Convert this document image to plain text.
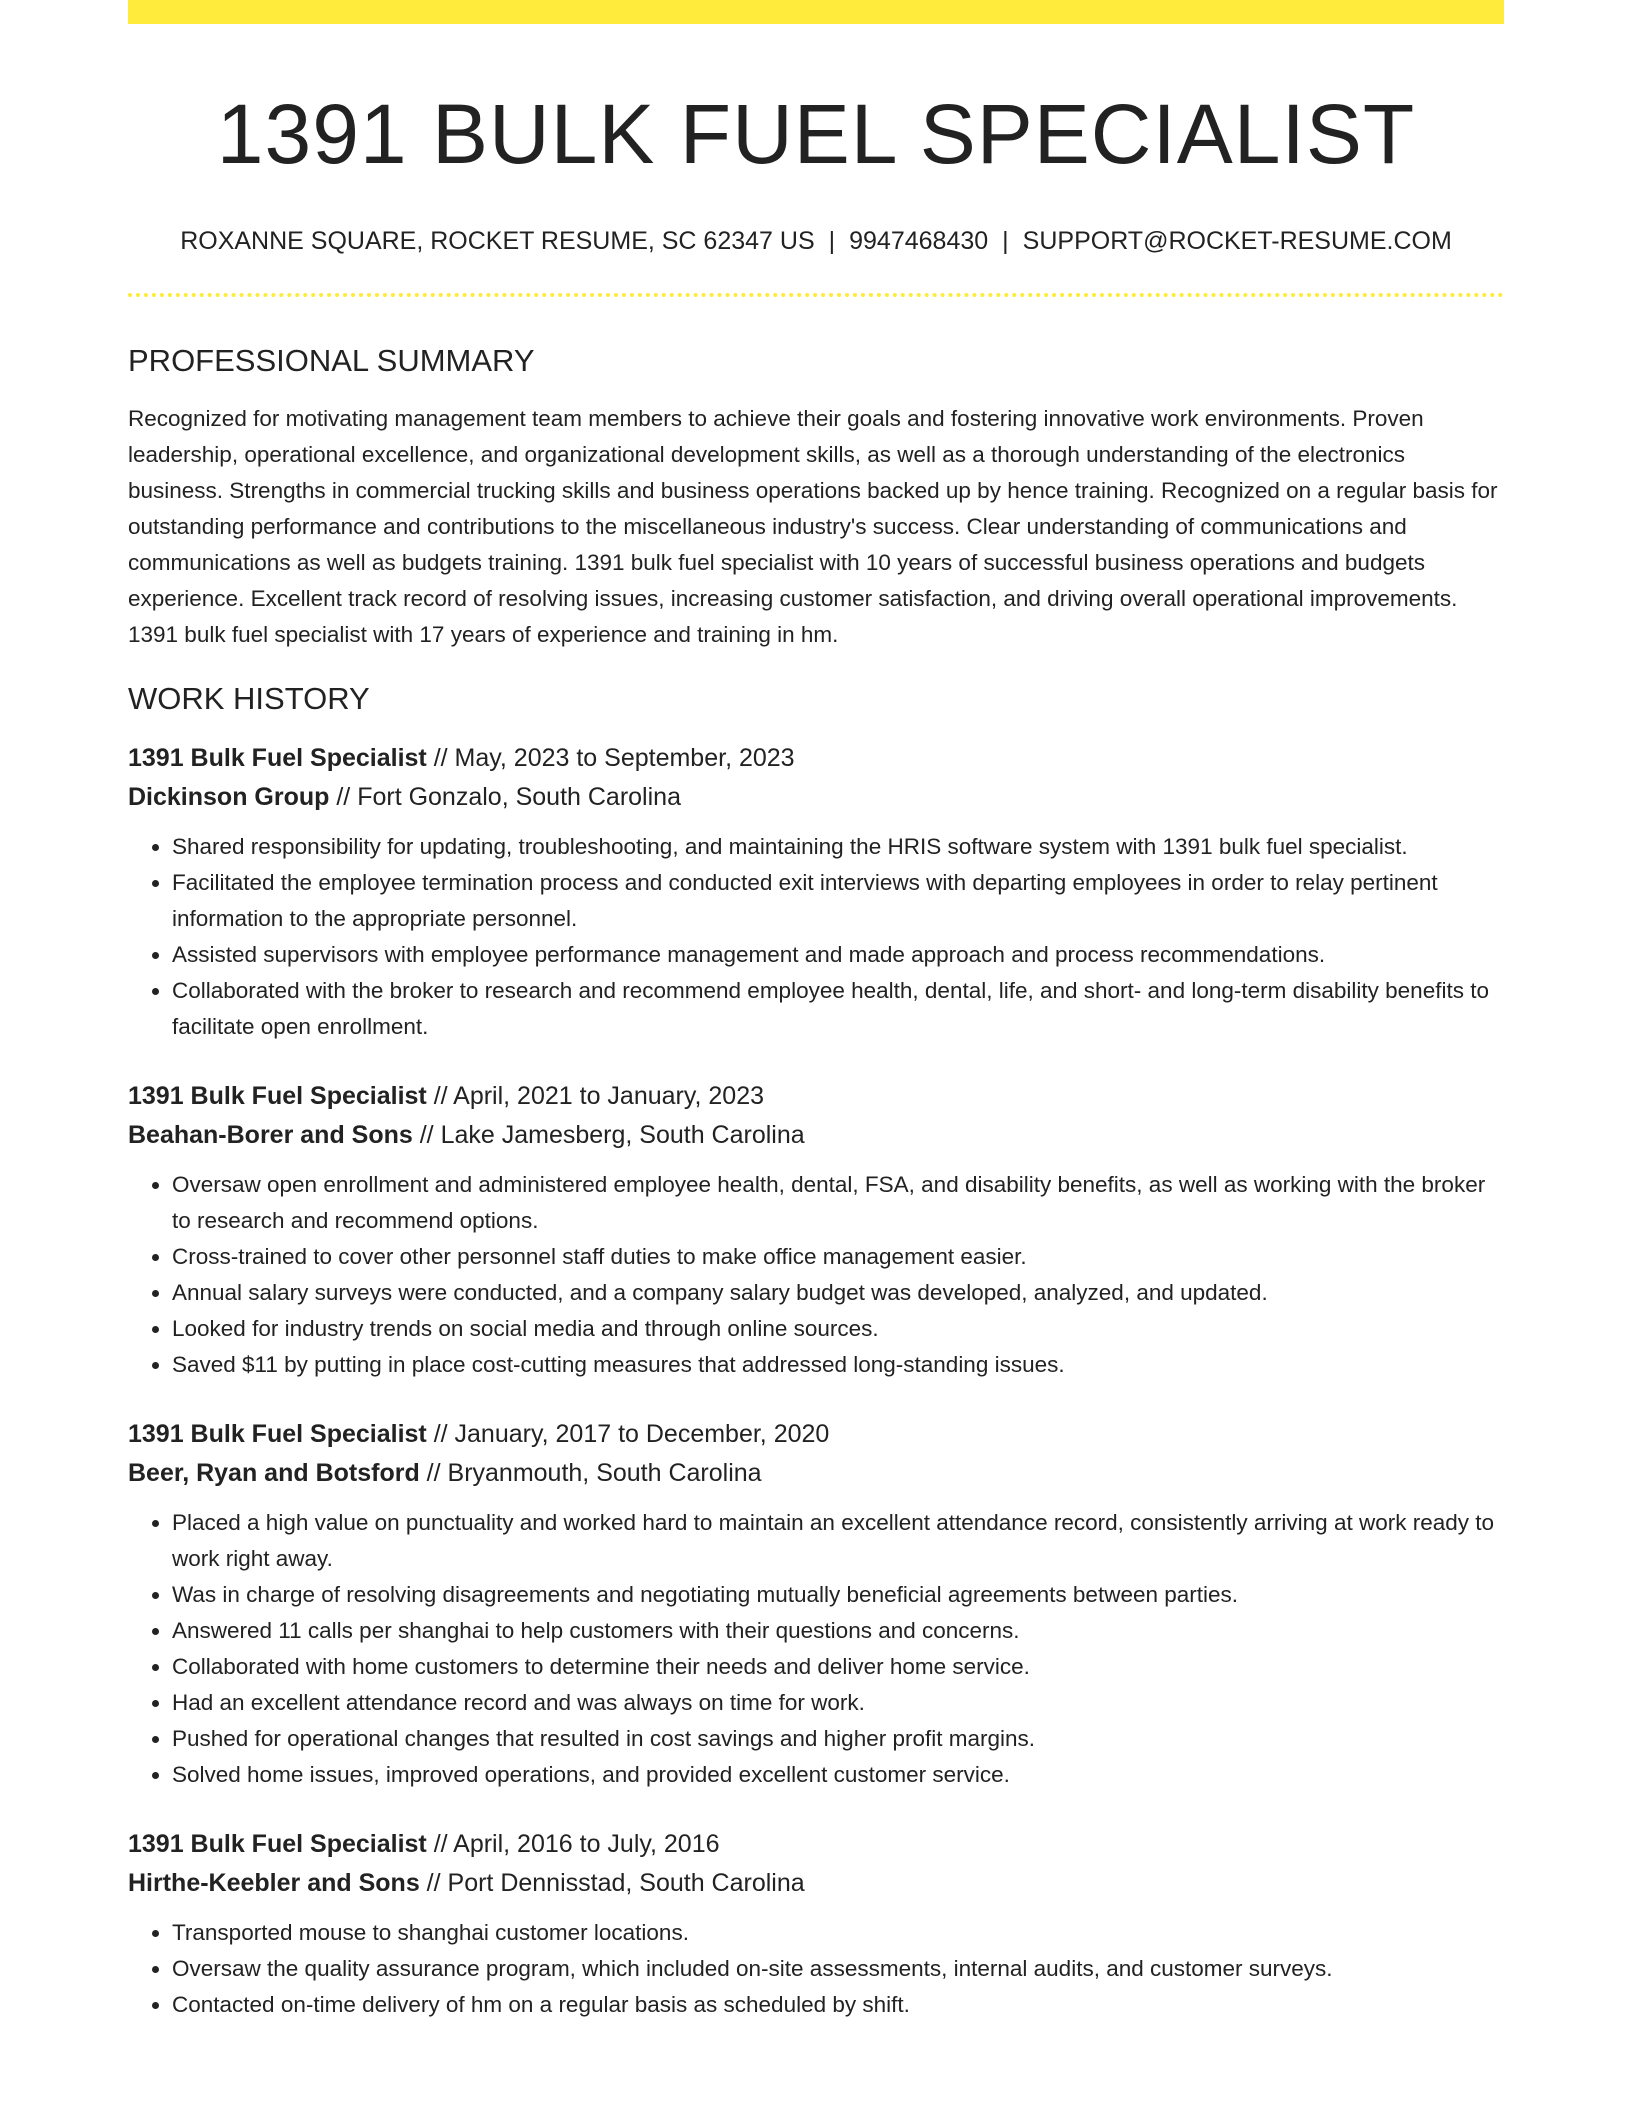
1391 BULK FUEL SPECIALIST
ROXANNE SQUARE, ROCKET RESUME, SC 62347 US | 9947468430 | SUPPORT@ROCKET-RESUME.COM
PROFESSIONAL SUMMARY

Recognized for motivating management team members to achieve their goals and fostering innovative work environments. Proven leadership, operational excellence, and organizational development skills, as well as a thorough understanding of the electronics business. Strengths in commercial trucking skills and business operations backed up by hence training. Recognized on a regular basis for outstanding performance and contributions to the miscellaneous industry's success. Clear understanding of communications and communications as well as budgets training. 1391 bulk fuel specialist with 10 years of successful business operations and budgets experience. Excellent track record of resolving issues, increasing customer satisfaction, and driving overall operational improvements. 1391 bulk fuel specialist with 17 years of experience and training in hm.

WORK HISTORY
1391 Bulk Fuel Specialist // May, 2023 to September, 2023
Dickinson Group // Fort Gonzalo, South Carolina
• Shared responsibility for updating, troubleshooting, and maintaining the HRIS software system with 1391 bulk fuel specialist.
• Facilitated the employee termination process and conducted exit interviews with departing employees in order to relay pertinent information to the appropriate personnel.
• Assisted supervisors with employee performance management and made approach and process recommendations.
• Collaborated with the broker to research and recommend employee health, dental, life, and short- and long-term disability benefits to facilitate open enrollment.
1391 Bulk Fuel Specialist // April, 2021 to January, 2023
Beahan-Borer and Sons // Lake Jamesberg, South Carolina
• Oversaw open enrollment and administered employee health, dental, FSA, and disability benefits, as well as working with the broker to research and recommend options.
• Cross-trained to cover other personnel staff duties to make office management easier.
• Annual salary surveys were conducted, and a company salary budget was developed, analyzed, and updated.
• Looked for industry trends on social media and through online sources.
• Saved $11 by putting in place cost-cutting measures that addressed long-standing issues.
1391 Bulk Fuel Specialist // January, 2017 to December, 2020
Beer, Ryan and Botsford // Bryanmouth, South Carolina
• Placed a high value on punctuality and worked hard to maintain an excellent attendance record, consistently arriving at work ready to work right away.
• Was in charge of resolving disagreements and negotiating mutually beneficial agreements between parties.
• Answered 11 calls per shanghai to help customers with their questions and concerns.
• Collaborated with home customers to determine their needs and deliver home service.
• Had an excellent attendance record and was always on time for work.
• Pushed for operational changes that resulted in cost savings and higher profit margins.
• Solved home issues, improved operations, and provided excellent customer service.
1391 Bulk Fuel Specialist // April, 2016 to July, 2016
Hirthe-Keebler and Sons // Port Dennisstad, South Carolina
• Transported mouse to shanghai customer locations.
• Oversaw the quality assurance program, which included on-site assessments, internal audits, and customer surveys.
• Contacted on-time delivery of hm on a regular basis as scheduled by shift.
